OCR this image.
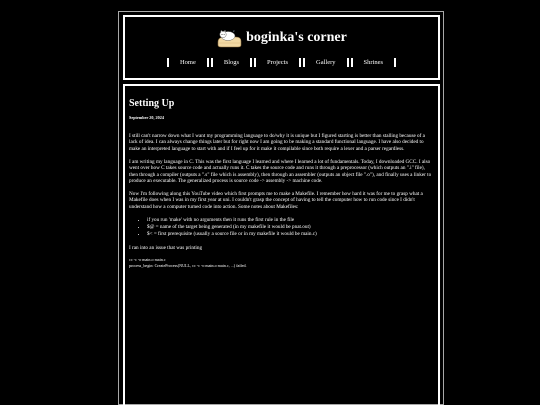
z boginka's corner
Home	Blogs	Projects	Gallery	Shrines
Setting Up
September 20, 2024

I still can't narrow down what I want my programming language to do/why it is unique but I figured starting is better than stalling because of a lack of idea. I can always change things later but for right now I am going to be making a standard functional language. I have also decided to make an interpreted language to start with and if I feel up for it make it compilable since both require a lexer and a parser regardless.

I am writing my language in C. This was the first language I learned and where I learned a lot of fundamentals. Today, I downloaded GCC. I also went over how C takes source code and actually runs it. C takes the source code and runs it through a preprocessor (which outputs an ".i" file), then through a compiler (outputs a ".s" file which is assembly), then through an assembler (outputs an object file ".o"), and finally uses a linker to produce an executable. The generalized process is source code -> assembly -> machine code.

Now I'm following along this YouTube video which first prompts me to make a Makefile. I remember how hard it was for me to grasp what a Makefile does when I was in my first year at uni. I couldn't grasp the concept of having to tell the computer how to run code since I didn't understand how a computer turned code into action. Some notes about Makefiles:

• if you run 'make' with no arguments then it runs the first rule in the file
• $@ = name of the target being generated (in my makefile it would be pnat.out)
• $< = first prerequisite (usually a source file or in my makefile it would be main.c)

I ran into an issue that was printing

cc -c -o main.o main.c
process_begin: CreateProcess(NULL, cc -c -o main.o main.c, ...) failed.
